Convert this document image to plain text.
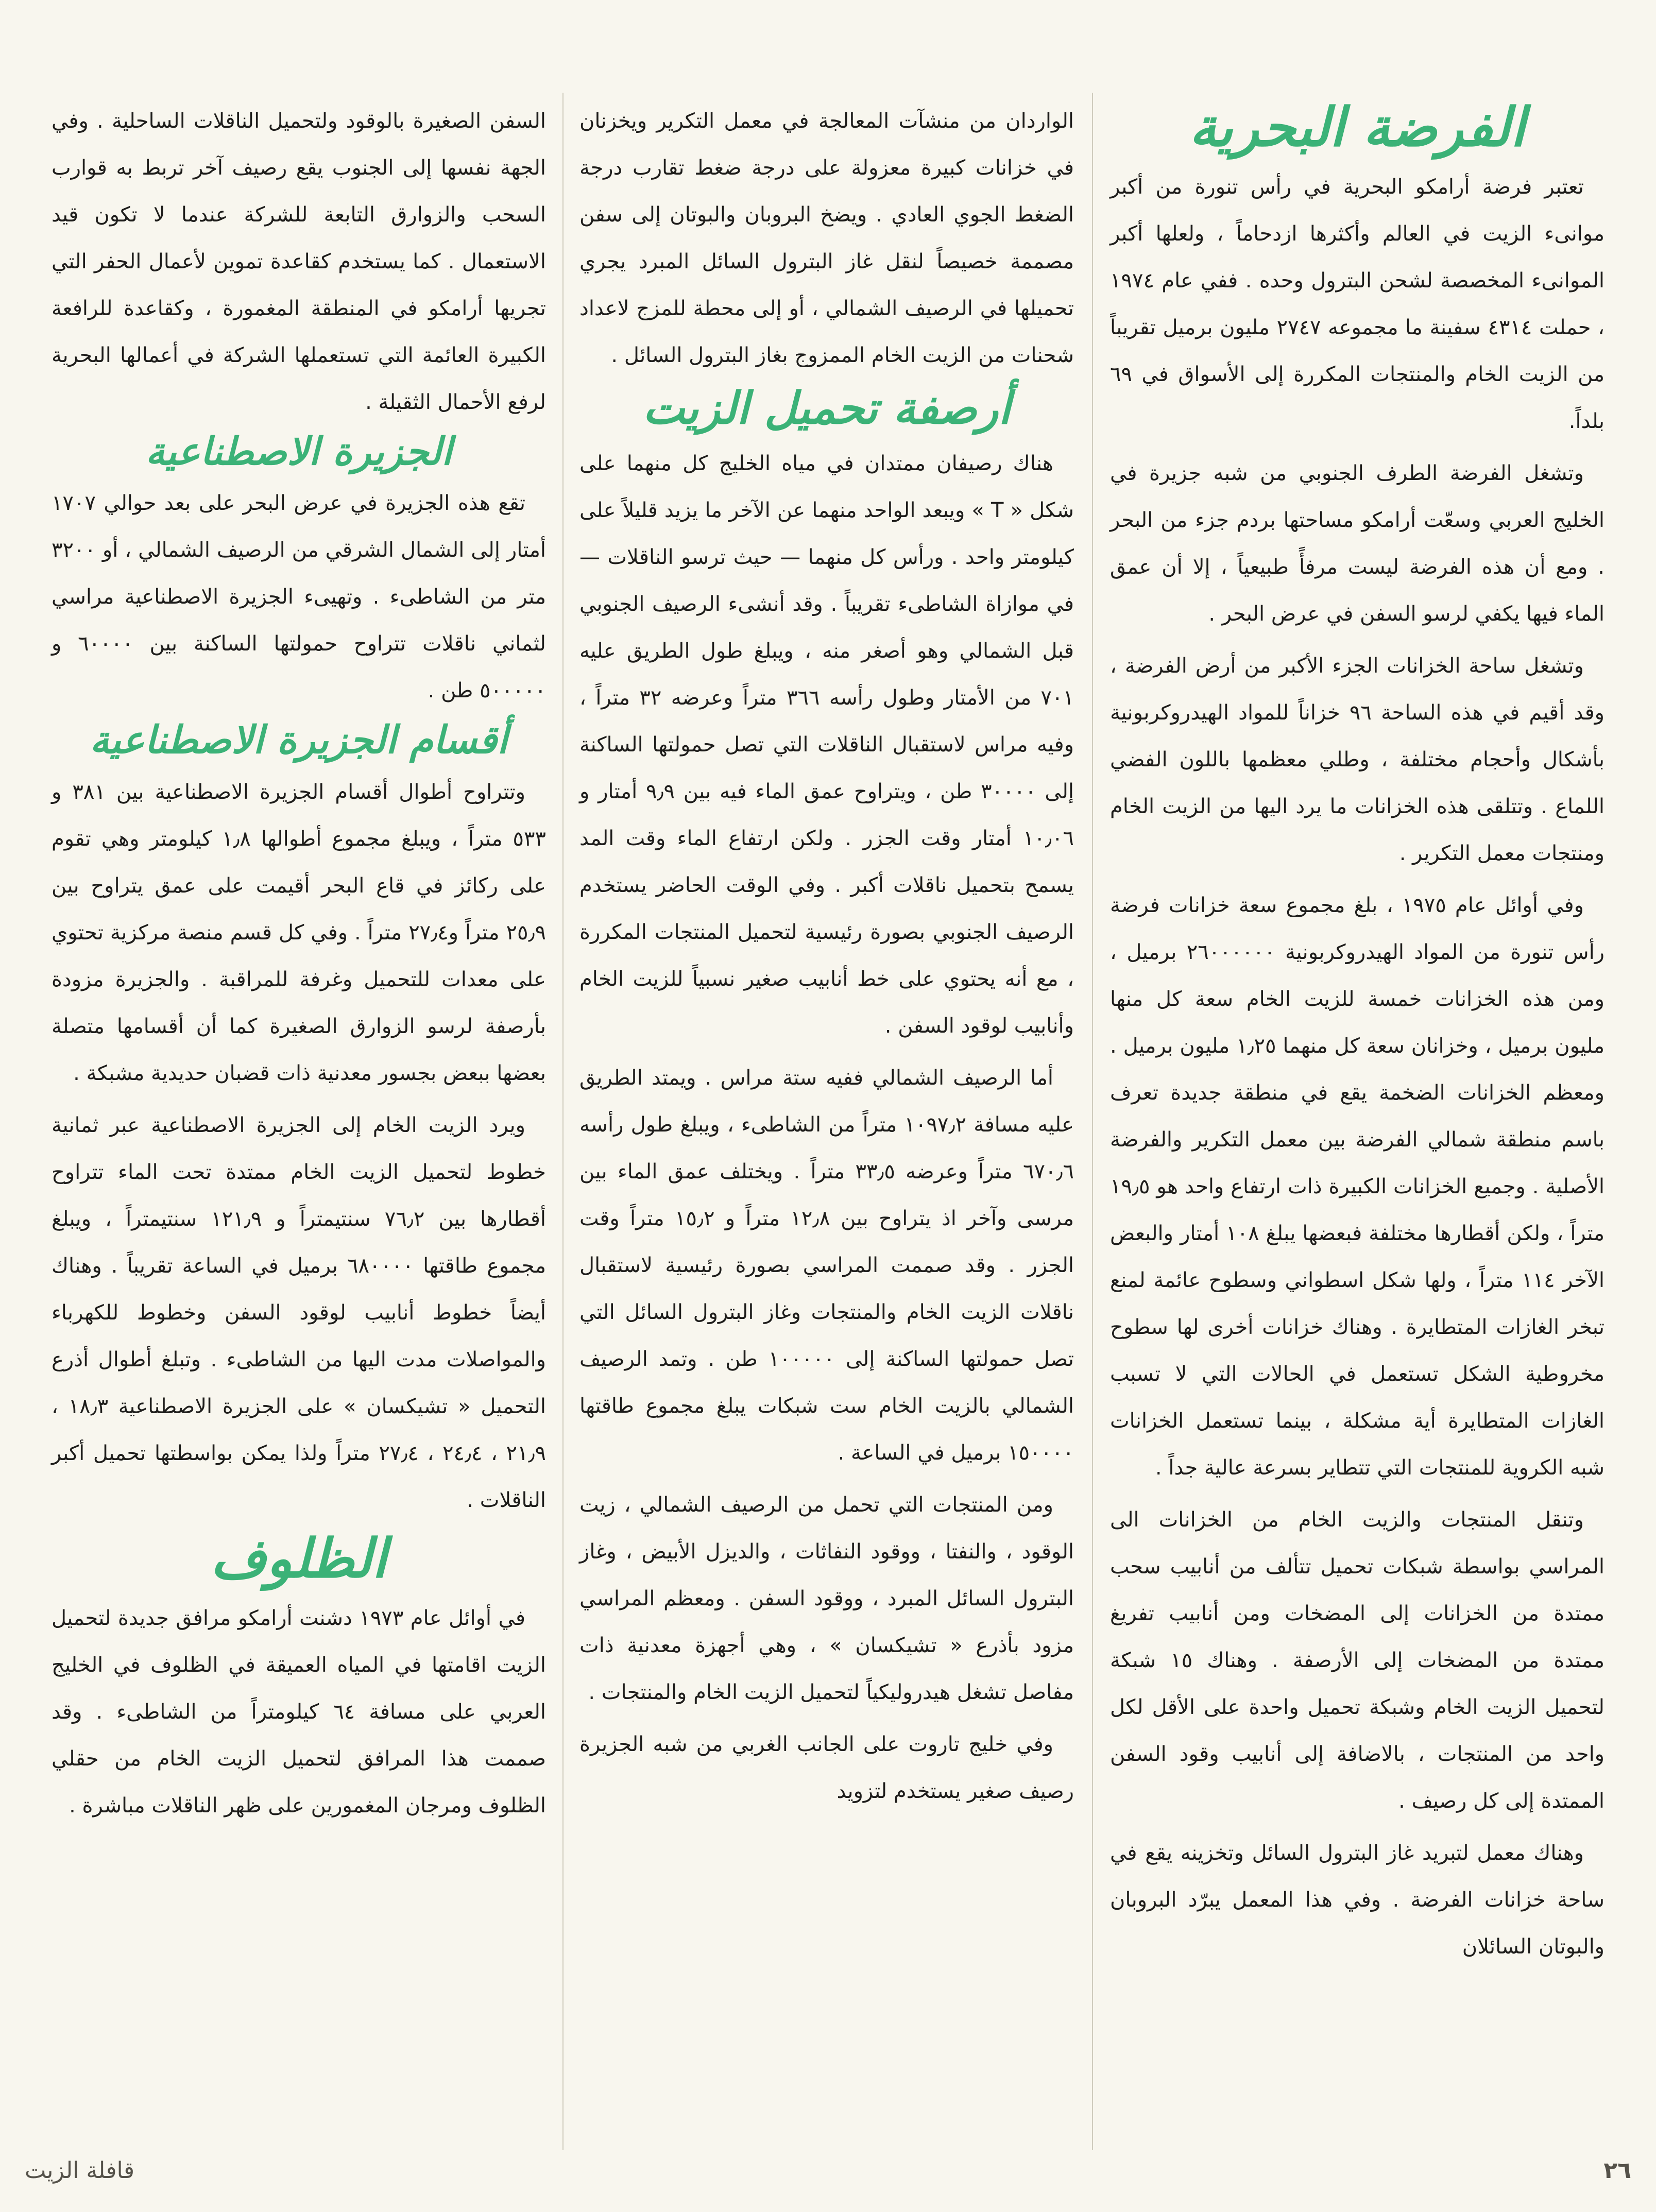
الفرضة البحرية

تعتبر فرضة أرامكو البحرية في رأس تنورة من أكبر موانىء الزيت في العالم وأكثرها ازدحاماً ، ولعلها أكبر الموانىء المخصصة لشحن البترول وحده . ففي عام ١٩٧٤ ، حملت ٤٣١٤ سفينة ما مجموعه ٢٧٤٧ مليون برميل تقريباً من الزيت الخام والمنتجات المكررة إلى الأسواق في ٦٩ بلداً.

وتشغل الفرضة الطرف الجنوبي من شبه جزيرة في الخليج العربي وسعّت أرامكو مساحتها بردم جزء من البحر . ومع أن هذه الفرضة ليست مرفأً طبيعياً ، إلا أن عمق الماء فيها يكفي لرسو السفن في عرض البحر .

وتشغل ساحة الخزانات الجزء الأكبر من أرض الفرضة ، وقد أقيم في هذه الساحة ٩٦ خزاناً للمواد الهيدروكربونية بأشكال وأحجام مختلفة ، وطلي معظمها باللون الفضي اللماع . وتتلقى هذه الخزانات ما يرد اليها من الزيت الخام ومنتجات معمل التكرير .

وفي أوائل عام ١٩٧٥ ، بلغ مجموع سعة خزانات فرضة رأس تنورة من المواد الهيدروكربونية ٢٦٠٠٠٠٠٠ برميل ، ومن هذه الخزانات خمسة للزيت الخام سعة كل منها مليون برميل ، وخزانان سعة كل منهما ١٫٢٥ مليون برميل . ومعظم الخزانات الضخمة يقع في منطقة جديدة تعرف باسم منطقة شمالي الفرضة بين معمل التكرير والفرضة الأصلية . وجميع الخزانات الكبيرة ذات ارتفاع واحد هو ١٩٫٥ متراً ، ولكن أقطارها مختلفة فبعضها يبلغ ١٠٨ أمتار والبعض الآخر ١١٤ متراً ، ولها شكل اسطواني وسطوح عائمة لمنع تبخر الغازات المتطايرة . وهناك خزانات أخرى لها سطوح مخروطية الشكل تستعمل في الحالات التي لا تسبب الغازات المتطايرة أية مشكلة ، بينما تستعمل الخزانات شبه الكروية للمنتجات التي تتطاير بسرعة عالية جداً .

وتنقل المنتجات والزيت الخام من الخزانات الى المراسي بواسطة شبكات تحميل تتألف من أنابيب سحب ممتدة من الخزانات إلى المضخات ومن أنابيب تفريغ ممتدة من المضخات إلى الأرصفة . وهناك ١٥ شبكة لتحميل الزيت الخام وشبكة تحميل واحدة على الأقل لكل واحد من المنتجات ، بالاضافة إلى أنابيب وقود السفن الممتدة إلى كل رصيف .

وهناك معمل لتبريد غاز البترول السائل وتخزينه يقع في ساحة خزانات الفرضة . وفي هذا المعمل يبرّد البروبان والبوتان السائلان

الواردان من منشآت المعالجة في معمل التكرير ويخزنان في خزانات كبيرة معزولة على درجة ضغط تقارب درجة الضغط الجوي العادي . ويضخ البروبان والبوتان إلى سفن مصممة خصيصاً لنقل غاز البترول السائل المبرد يجري تحميلها في الرصيف الشمالي ، أو إلى محطة للمزج لاعداد شحنات من الزيت الخام الممزوج بغاز البترول السائل .

أرصفة تحميل الزيت

هناك رصيفان ممتدان في مياه الخليج كل منهما على شكل « T » ويبعد الواحد منهما عن الآخر ما يزيد قليلاً على كيلومتر واحد . ورأس كل منهما — حيث ترسو الناقلات — في موازاة الشاطىء تقريباً . وقد أنشىء الرصيف الجنوبي قبل الشمالي وهو أصغر منه ، ويبلغ طول الطريق عليه ٧٠١ من الأمتار وطول رأسه ٣٦٦ متراً وعرضه ٣٢ متراً ، وفيه مراس لاستقبال الناقلات التي تصل حمولتها الساكنة إلى ٣٠٠٠٠ طن ، ويتراوح عمق الماء فيه بين ٩٫٩ أمتار و ١٠٫٠٦ أمتار وقت الجزر . ولكن ارتفاع الماء وقت المد يسمح بتحميل ناقلات أكبر . وفي الوقت الحاضر يستخدم الرصيف الجنوبي بصورة رئيسية لتحميل المنتجات المكررة ، مع أنه يحتوي على خط أنابيب صغير نسبياً للزيت الخام وأنابيب لوقود السفن .

أما الرصيف الشمالي ففيه ستة مراس . ويمتد الطريق عليه مسافة ١٠٩٧٫٢ متراً من الشاطىء ، ويبلغ طول رأسه ٦٧٠٫٦ متراً وعرضه ٣٣٫٥ متراً . ويختلف عمق الماء بين مرسى وآخر اذ يتراوح بين ١٢٫٨ متراً و ١٥٫٢ متراً وقت الجزر . وقد صممت المراسي بصورة رئيسية لاستقبال ناقلات الزيت الخام والمنتجات وغاز البترول السائل التي تصل حمولتها الساكنة إلى ١٠٠٠٠٠ طن . وتمد الرصيف الشمالي بالزيت الخام ست شبكات يبلغ مجموع طاقتها ١٥٠٠٠٠ برميل في الساعة .

ومن المنتجات التي تحمل من الرصيف الشمالي ، زيت الوقود ، والنفتا ، ووقود النفاثات ، والديزل الأبيض ، وغاز البترول السائل المبرد ، ووقود السفن . ومعظم المراسي مزود بأذرع « تشيكسان » ، وهي أجهزة معدنية ذات مفاصل تشغل هيدروليكياً لتحميل الزيت الخام والمنتجات .

وفي خليج تاروت على الجانب الغربي من شبه الجزيرة رصيف صغير يستخدم لتزويد

السفن الصغيرة بالوقود ولتحميل الناقلات الساحلية . وفي الجهة نفسها إلى الجنوب يقع رصيف آخر تربط به قوارب السحب والزوارق التابعة للشركة عندما لا تكون قيد الاستعمال . كما يستخدم كقاعدة تموين لأعمال الحفر التي تجريها أرامكو في المنطقة المغمورة ، وكقاعدة للرافعة الكبيرة العائمة التي تستعملها الشركة في أعمالها البحرية لرفع الأحمال الثقيلة .

الجزيرة الاصطناعية

تقع هذه الجزيرة في عرض البحر على بعد حوالي ١٧٠٧ أمتار إلى الشمال الشرقي من الرصيف الشمالي ، أو ٣٢٠٠ متر من الشاطىء . وتهيىء الجزيرة الاصطناعية مراسي لثماني ناقلات تتراوح حمولتها الساكنة بين ٦٠٠٠٠ و ٥٠٠٠٠٠ طن .

أقسام الجزيرة الاصطناعية

وتتراوح أطوال أقسام الجزيرة الاصطناعية بين ٣٨١ و ٥٣٣ متراً ، ويبلغ مجموع أطوالها ١٫٨ كيلومتر وهي تقوم على ركائز في قاع البحر أقيمت على عمق يتراوح بين ٢٥٫٩ متراً و٢٧٫٤ متراً . وفي كل قسم منصة مركزية تحتوي على معدات للتحميل وغرفة للمراقبة . والجزيرة مزودة بأرصفة لرسو الزوارق الصغيرة كما أن أقسامها متصلة بعضها ببعض بجسور معدنية ذات قضبان حديدية مشبكة .

ويرد الزيت الخام إلى الجزيرة الاصطناعية عبر ثمانية خطوط لتحميل الزيت الخام ممتدة تحت الماء تتراوح أقطارها بين ٧٦٫٢ سنتيمتراً و ١٢١٫٩ سنتيمتراً ، ويبلغ مجموع طاقتها ٦٨٠٠٠٠ برميل في الساعة تقريباً . وهناك أيضاً خطوط أنابيب لوقود السفن وخطوط للكهرباء والمواصلات مدت اليها من الشاطىء . وتبلغ أطوال أذرع التحميل « تشيكسان » على الجزيرة الاصطناعية ١٨٫٣ ، ٢١٫٩ ، ٢٤٫٤ ، ٢٧٫٤ متراً ولذا يمكن بواسطتها تحميل أكبر الناقلات .

الظلوف

في أوائل عام ١٩٧٣ دشنت أرامكو مرافق جديدة لتحميل الزيت اقامتها في المياه العميقة في الظلوف في الخليج العربي على مسافة ٦٤ كيلومتراً من الشاطىء . وقد صممت هذا المرافق لتحميل الزيت الخام من حقلي الظلوف ومرجان المغمورين على ظهر الناقلات مباشرة .

قافلة الزيت	٢٦
